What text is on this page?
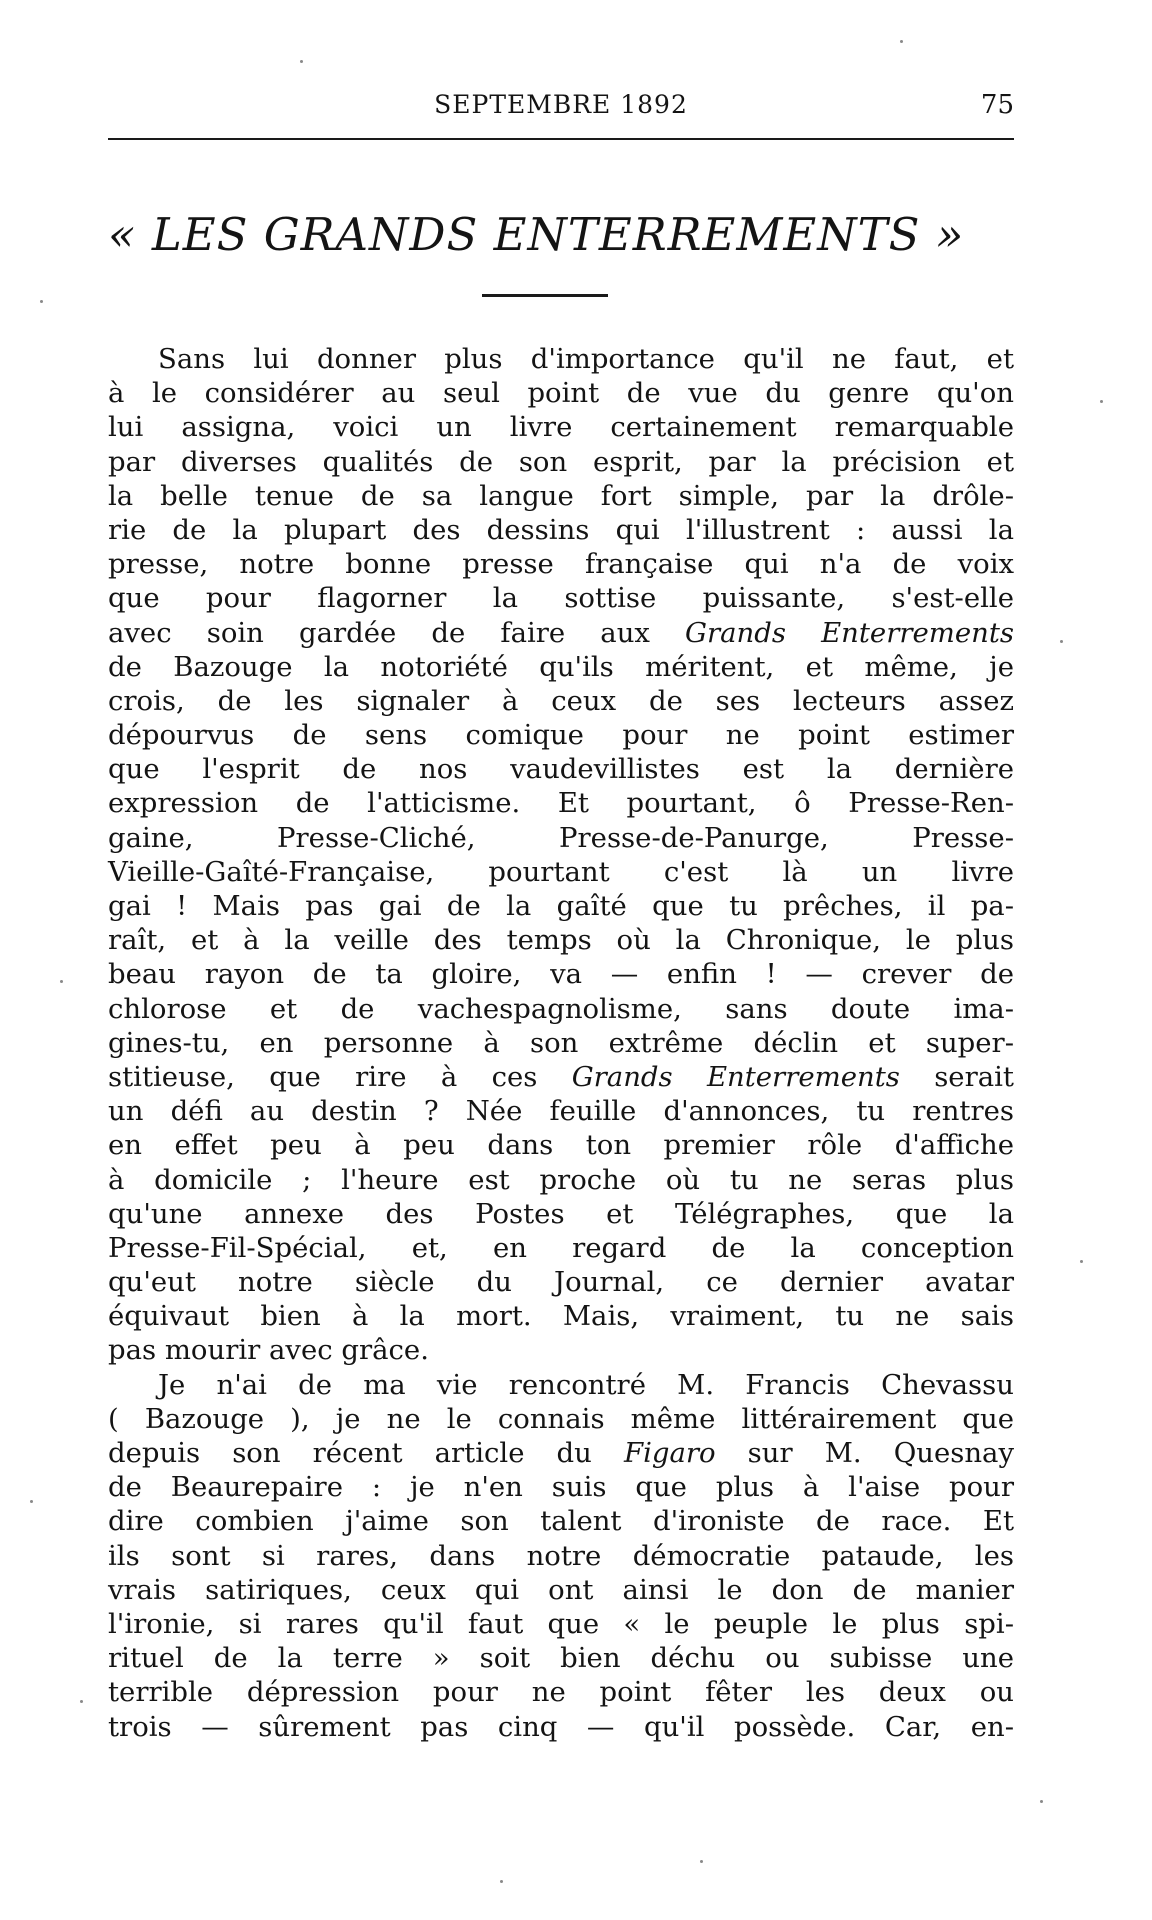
SEPTEMBRE 1892	75
« LES GRANDS ENTERREMENTS »
Sans lui donner plus d'importance qu'il ne faut, et
à le considérer au seul point de vue du genre qu'on
lui assigna, voici un livre certainement remarquable
par diverses qualités de son esprit, par la précision et
la belle tenue de sa langue fort simple, par la drôle-
rie de la plupart des dessins qui l'illustrent : aussi la
presse, notre bonne presse française qui n'a de voix
que pour flagorner la sottise puissante, s'est-elle
avec soin gardée de faire aux Grands Enterrements
de Bazouge la notoriété qu'ils méritent, et même, je
crois, de les signaler à ceux de ses lecteurs assez
dépourvus de sens comique pour ne point estimer
que l'esprit de nos vaudevillistes est la dernière
expression de l'atticisme. Et pourtant, ô Presse-Ren-
gaine, Presse-Cliché, Presse-de-Panurge, Presse-
Vieille-Gaîté-Française, pourtant c'est là un livre
gai ! Mais pas gai de la gaîté que tu prêches, il pa-
raît, et à la veille des temps où la Chronique, le plus
beau rayon de ta gloire, va — enfin ! — crever de
chlorose et de vachespagnolisme, sans doute ima-
gines-tu, en personne à son extrême déclin et super-
stitieuse, que rire à ces Grands Enterrements serait
un défi au destin ? Née feuille d'annonces, tu rentres
en effet peu à peu dans ton premier rôle d'affiche
à domicile ; l'heure est proche où tu ne seras plus
qu'une annexe des Postes et Télégraphes, que la
Presse-Fil-Spécial, et, en regard de la conception
qu'eut notre siècle du Journal, ce dernier avatar
équivaut bien à la mort. Mais, vraiment, tu ne sais
pas mourir avec grâce.
Je n'ai de ma vie rencontré M. Francis Chevassu
( Bazouge ), je ne le connais même littérairement que
depuis son récent article du Figaro sur M. Quesnay
de Beaurepaire : je n'en suis que plus à l'aise pour
dire combien j'aime son talent d'ironiste de race. Et
ils sont si rares, dans notre démocratie pataude, les
vrais satiriques, ceux qui ont ainsi le don de manier
l'ironie, si rares qu'il faut que « le peuple le plus spi-
rituel de la terre » soit bien déchu ou subisse une
terrible dépression pour ne point fêter les deux ou
trois — sûrement pas cinq — qu'il possède. Car, en-
